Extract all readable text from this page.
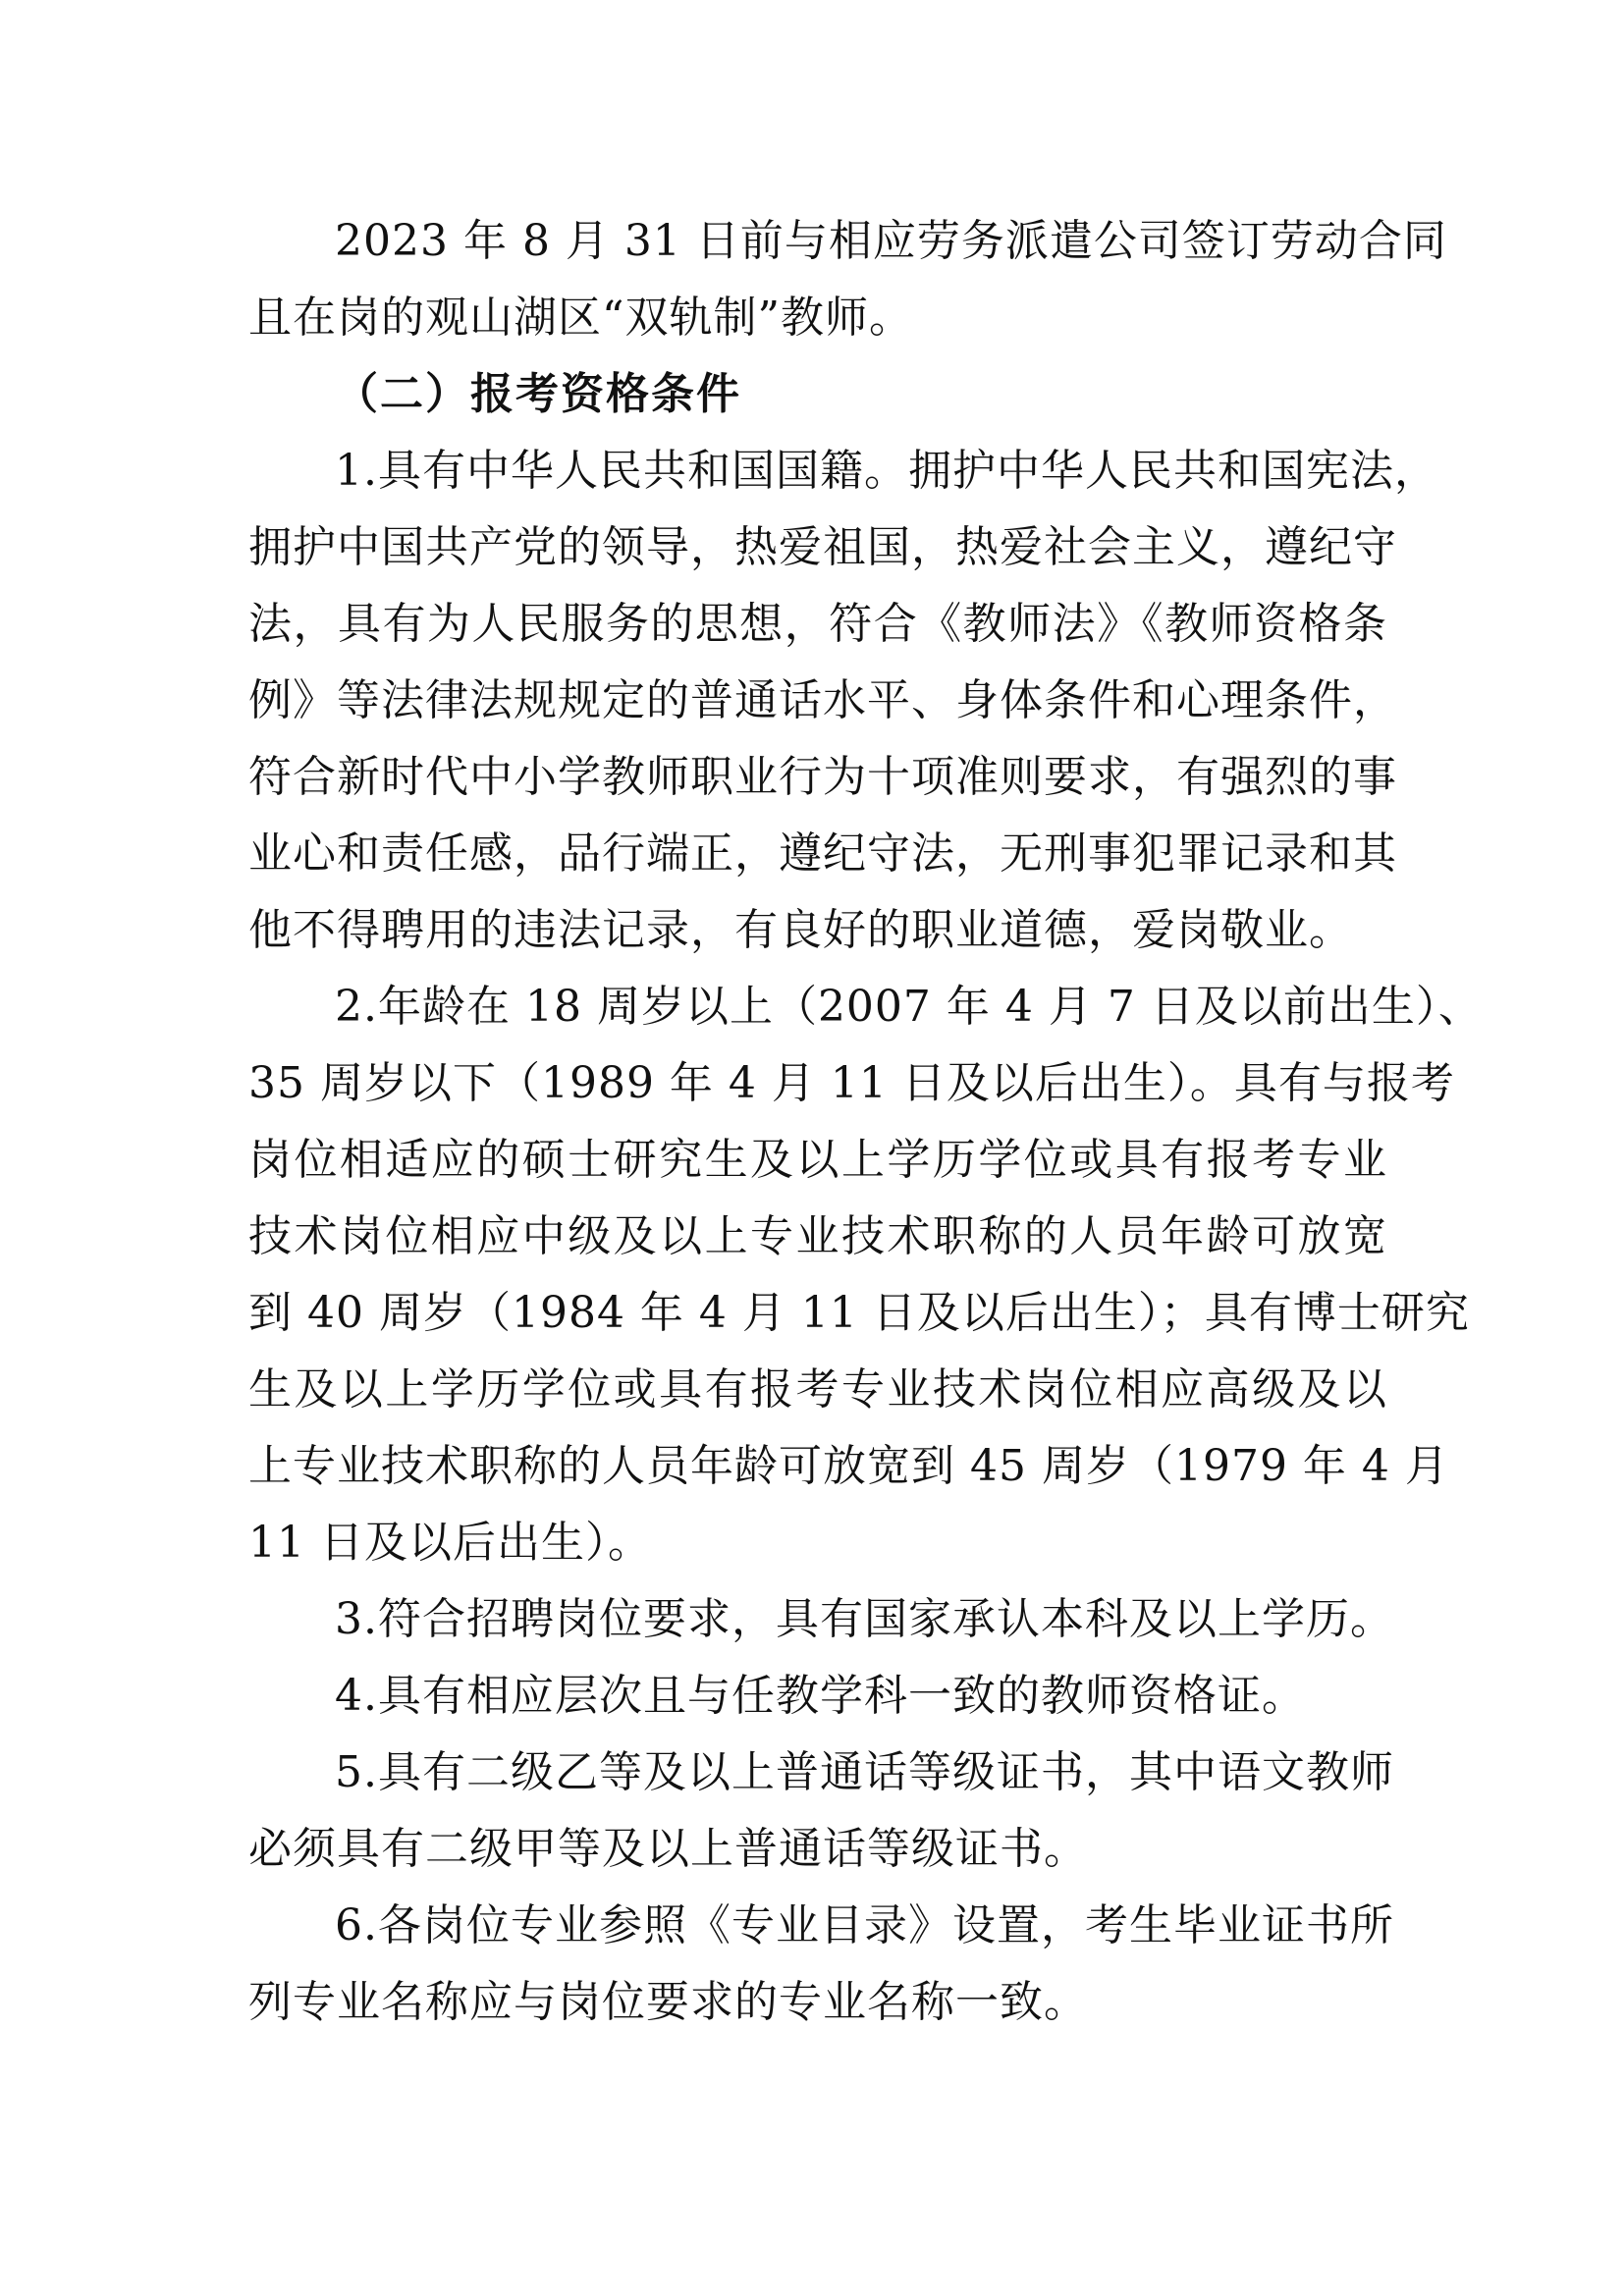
2023 年 8 月 31 日前与相应劳务派遣公司签订劳动合同
且在岗的观山湖区“双轨制”教师。
（二）报考资格条件
1.具有中华人民共和国国籍。拥护中华人民共和国宪法，
拥护中国共产党的领导，热爱祖国，热爱社会主义，遵纪守
法，具有为人民服务的思想，符合《教师法》《教师资格条
例》等法律法规规定的普通话水平、身体条件和心理条件，
符合新时代中小学教师职业行为十项准则要求，有强烈的事
业心和责任感，品行端正，遵纪守法，无刑事犯罪记录和其
他不得聘用的违法记录，有良好的职业道德，爱岗敬业。
2.年龄在 18 周岁以上（2007 年 4 月 7 日及以前出生）、
35 周岁以下（1989 年 4 月 11 日及以后出生）。具有与报考
岗位相适应的硕士研究生及以上学历学位或具有报考专业
技术岗位相应中级及以上专业技术职称的人员年龄可放宽
到 40 周岁（1984 年 4 月 11 日及以后出生）；具有博士研究
生及以上学历学位或具有报考专业技术岗位相应高级及以
上专业技术职称的人员年龄可放宽到 45 周岁（1979 年 4 月
11 日及以后出生）。
3.符合招聘岗位要求，具有国家承认本科及以上学历。
4.具有相应层次且与任教学科一致的教师资格证。
5.具有二级乙等及以上普通话等级证书，其中语文教师
必须具有二级甲等及以上普通话等级证书。
6.各岗位专业参照《专业目录》设置，考生毕业证书所
列专业名称应与岗位要求的专业名称一致。
